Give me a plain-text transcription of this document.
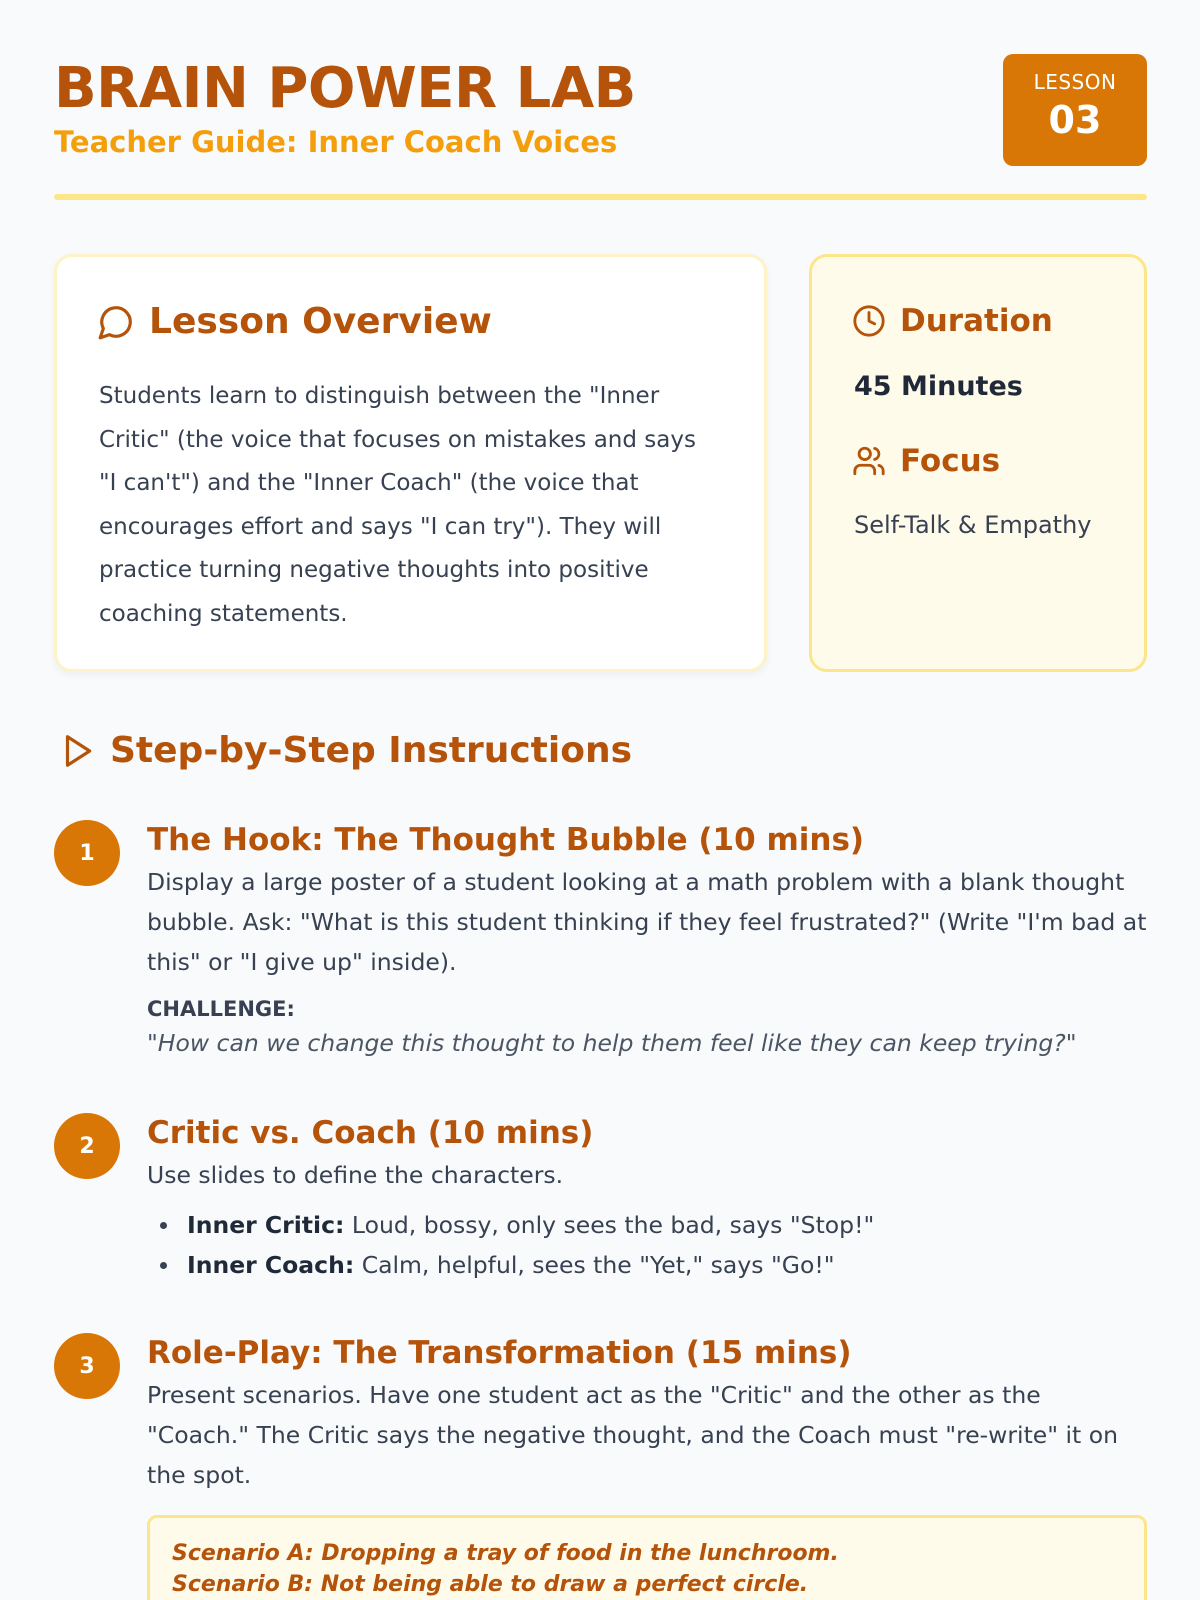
BRAIN POWER LAB
Teacher Guide: Inner Coach Voices
LESSON
03
Lesson Overview

Students learn to distinguish between the "Inner Critic" (the voice that focuses on mistakes and says "I can't") and the "Inner Coach" (the voice that encourages effort and says "I can try"). They will practice turning negative thoughts into positive coaching statements.

Duration
45 Minutes
Focus
Self-Talk & Empathy
Step-by-Step Instructions
1	The Hook: The Thought Bubble (10 mins)

Display a large poster of a student looking at a math problem with a blank thought bubble. Ask: "What is this student thinking if they feel frustrated?" (Write "I'm bad at this" or "I give up" inside).

CHALLENGE:
"How can we change this thought to help them feel like they can keep trying?"
2	Critic vs. Coach (10 mins)

Use slides to define the characters.

Inner Critic: Loud, bossy, only sees the bad, says "Stop!"
Inner Coach: Calm, helpful, sees the "Yet," says "Go!"
3	Role-Play: The Transformation (15 mins)

Present scenarios. Have one student act as the "Critic" and the other as the "Coach." The Critic says the negative thought, and the Coach must "re-write" it on the spot.

Scenario A: Dropping a tray of food in the lunchroom.
Scenario B: Not being able to draw a perfect circle.
